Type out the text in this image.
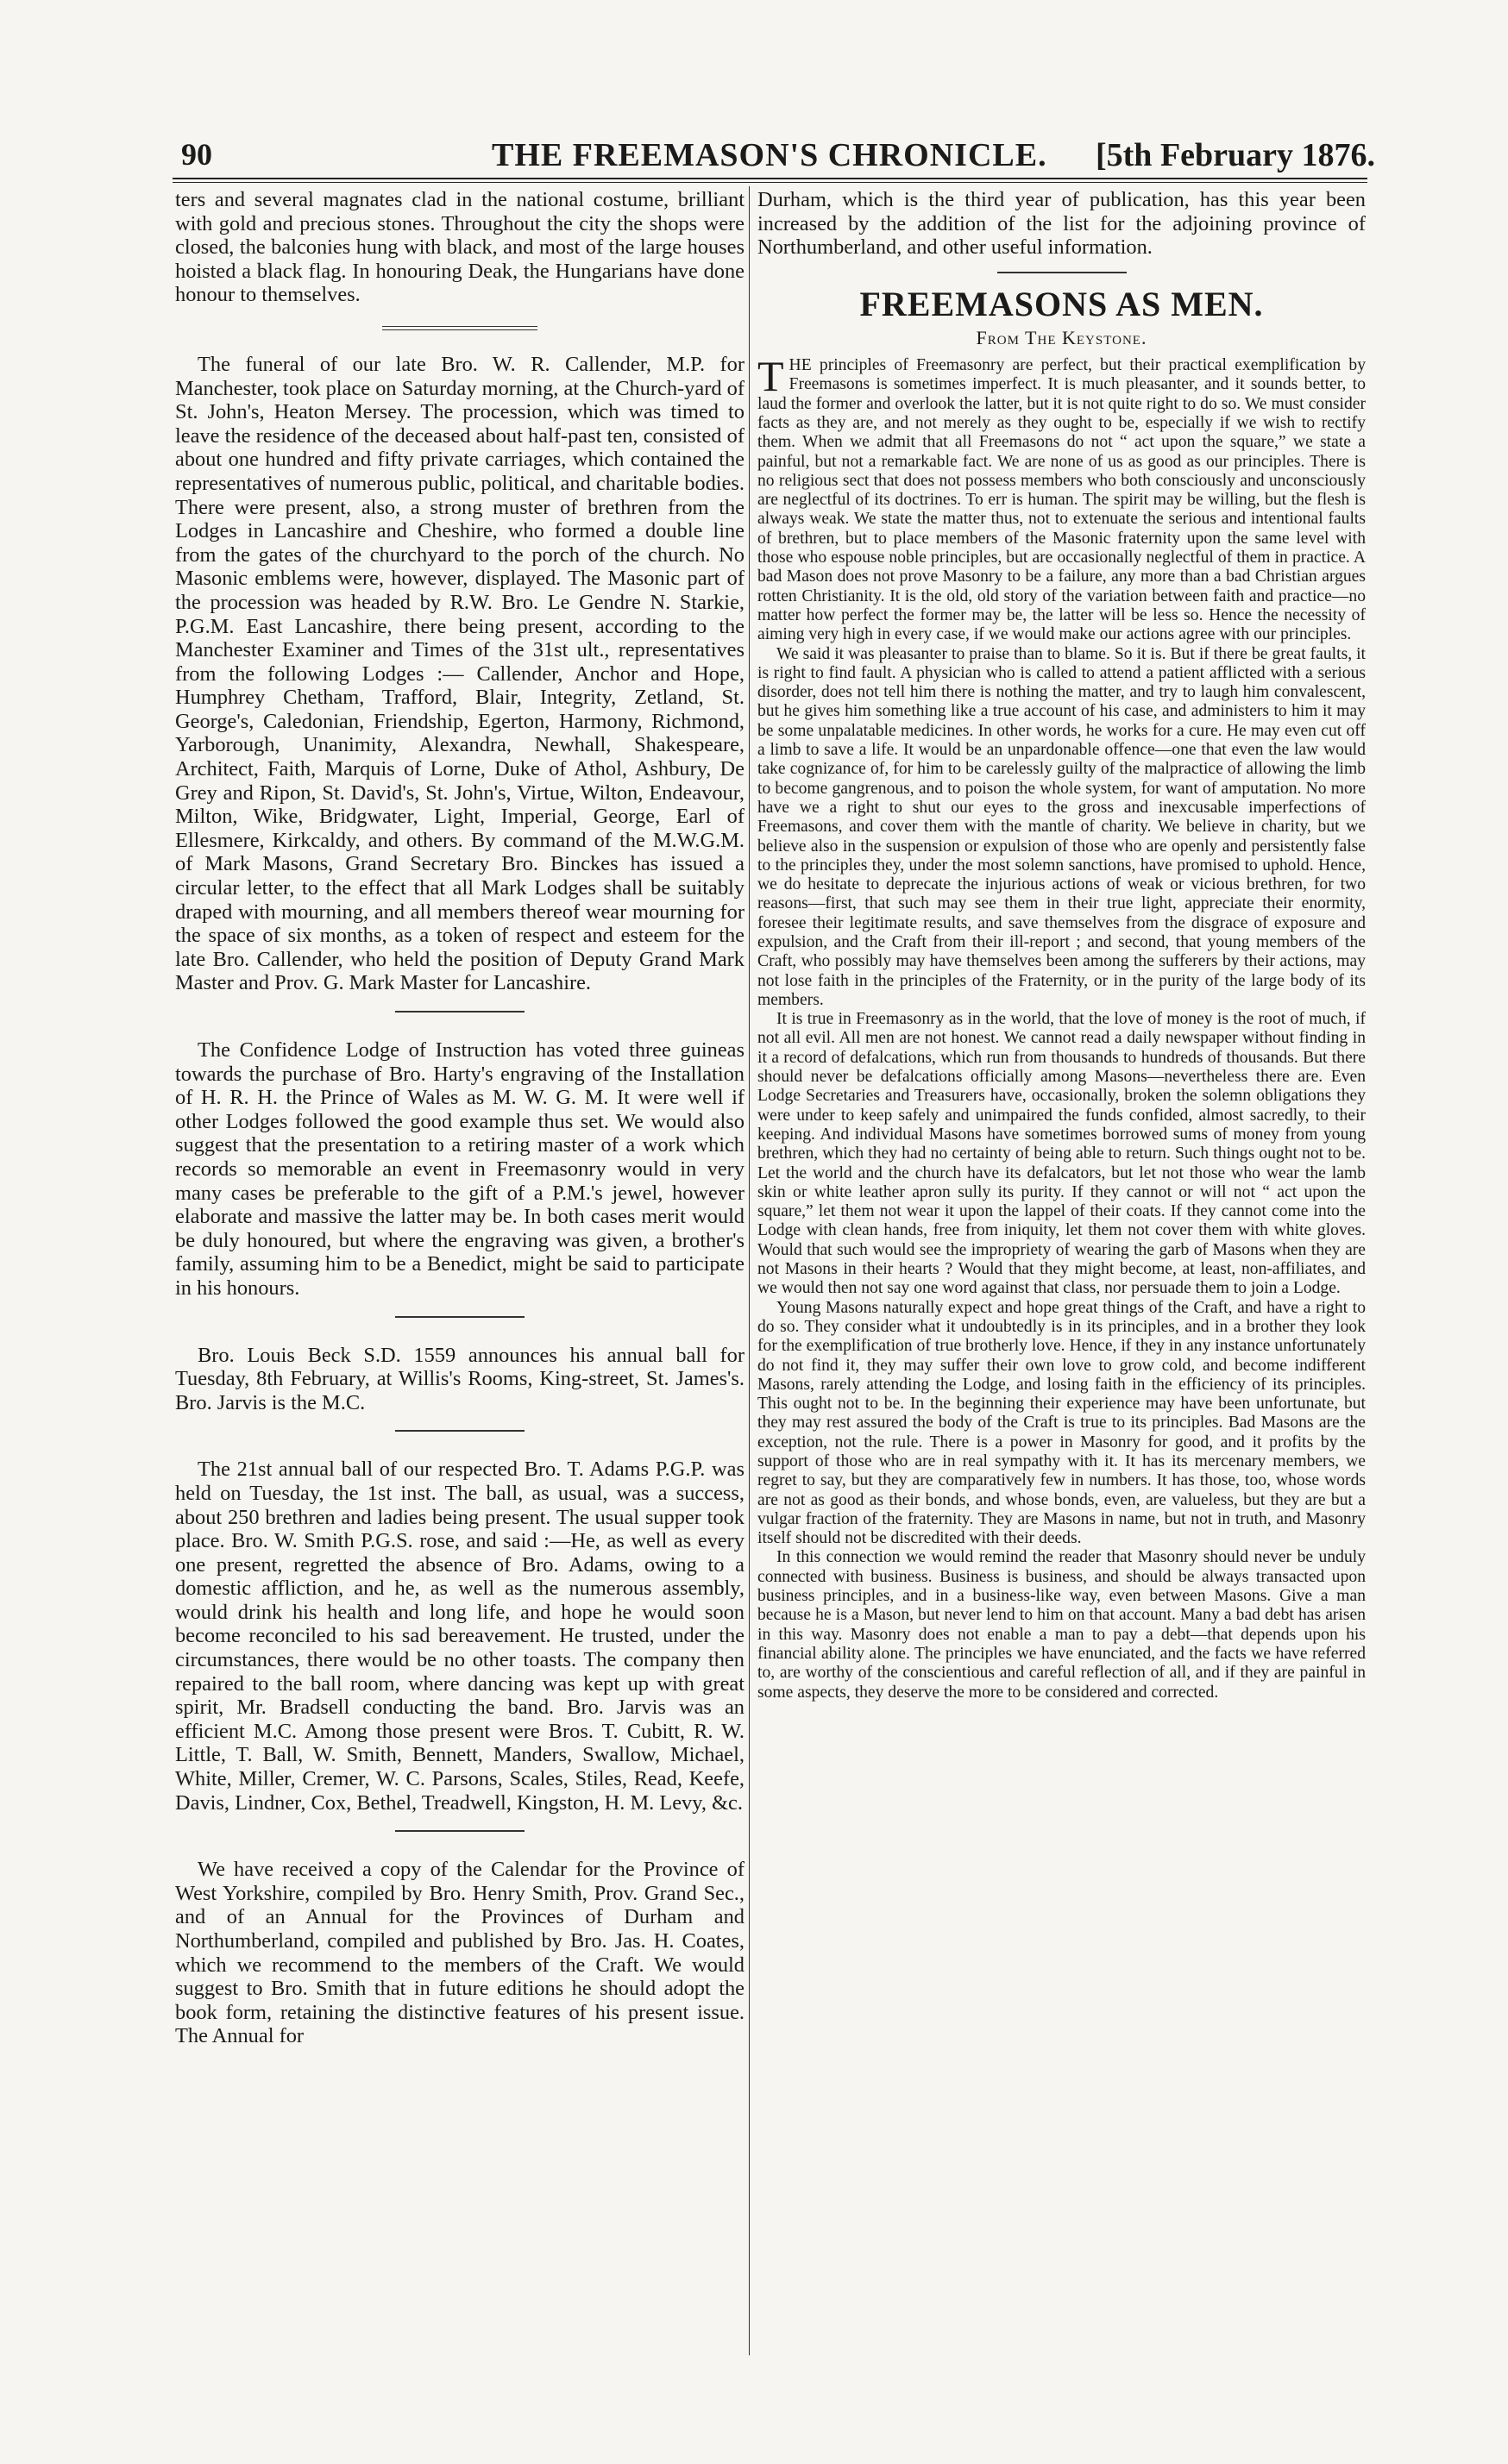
90	THE FREEMASON'S CHRONICLE. [5th February 1876.

ters and several magnates clad in the national costume, brilliant with gold and precious stones. Throughout the city the shops were closed, the balconies hung with black, and most of the large houses hoisted a black flag. In honouring Deak, the Hungarians have done honour to themselves.

The funeral of our late Bro. W. R. Callender, M.P. for Manchester, took place on Saturday morning, at the Church-yard of St. John's, Heaton Mersey. The procession, which was timed to leave the residence of the deceased about half-past ten, consisted of about one hundred and fifty private carriages, which contained the representatives of numerous public, political, and charitable bodies. There were present, also, a strong muster of brethren from the Lodges in Lancashire and Cheshire, who formed a double line from the gates of the churchyard to the porch of the church. No Masonic emblems were, however, displayed. The Masonic part of the procession was headed by R.W. Bro. Le Gendre N. Starkie, P.G.M. East Lancashire, there being present, according to the Manchester Examiner and Times of the 31st ult., representatives from the following Lodges :— Callender, Anchor and Hope, Humphrey Chetham, Trafford, Blair, Integrity, Zetland, St. George's, Caledonian, Friendship, Egerton, Harmony, Richmond, Yarborough, Unanimity, Alexandra, Newhall, Shakespeare, Architect, Faith, Marquis of Lorne, Duke of Athol, Ashbury, De Grey and Ripon, St. David's, St. John's, Virtue, Wilton, Endeavour, Milton, Wike, Bridgwater, Light, Imperial, George, Earl of Ellesmere, Kirkcaldy, and others. By command of the M.W.G.M. of Mark Masons, Grand Secretary Bro. Binckes has issued a circular letter, to the effect that all Mark Lodges shall be suitably draped with mourning, and all members thereof wear mourning for the space of six months, as a token of respect and esteem for the late Bro. Callender, who held the position of Deputy Grand Mark Master and Prov. G. Mark Master for Lancashire.

The Confidence Lodge of Instruction has voted three guineas towards the purchase of Bro. Harty's engraving of the Installation of H. R. H. the Prince of Wales as M. W. G. M. It were well if other Lodges followed the good example thus set. We would also suggest that the presentation to a retiring master of a work which records so memorable an event in Freemasonry would in very many cases be preferable to the gift of a P.M.'s jewel, however elaborate and massive the latter may be. In both cases merit would be duly honoured, but where the engraving was given, a brother's family, assuming him to be a Benedict, might be said to participate in his honours.

Bro. Louis Beck S.D. 1559 announces his annual ball for Tuesday, 8th February, at Willis's Rooms, King-street, St. James's. Bro. Jarvis is the M.C.

The 21st annual ball of our respected Bro. T. Adams P.G.P. was held on Tuesday, the 1st inst. The ball, as usual, was a success, about 250 brethren and ladies being present. The usual supper took place. Bro. W. Smith P.G.S. rose, and said :—He, as well as every one present, regretted the absence of Bro. Adams, owing to a domestic affliction, and he, as well as the numerous assembly, would drink his health and long life, and hope he would soon become reconciled to his sad bereavement. He trusted, under the circumstances, there would be no other toasts. The company then repaired to the ball room, where dancing was kept up with great spirit, Mr. Bradsell conducting the band. Bro. Jarvis was an efficient M.C. Among those present were Bros. T. Cubitt, R. W. Little, T. Ball, W. Smith, Bennett, Manders, Swallow, Michael, White, Miller, Cremer, W. C. Parsons, Scales, Stiles, Read, Keefe, Davis, Lindner, Cox, Bethel, Treadwell, Kingston, H. M. Levy, &c.

We have received a copy of the Calendar for the Province of West Yorkshire, compiled by Bro. Henry Smith, Prov. Grand Sec., and of an Annual for the Provinces of Durham and Northumberland, compiled and published by Bro. Jas. H. Coates, which we recommend to the members of the Craft. We would suggest to Bro. Smith that in future editions he should adopt the book form, retaining the distinctive features of his present issue. The Annual for

Durham, which is the third year of publication, has this year been increased by the addition of the list for the adjoining province of Northumberland, and other useful information.

FREEMASONS AS MEN.
From The Keystone.

THE principles of Freemasonry are perfect, but their practical exemplification by Freemasons is sometimes imperfect. It is much pleasanter, and it sounds better, to laud the former and overlook the latter, but it is not quite right to do so. We must consider facts as they are, and not merely as they ought to be, especially if we wish to rectify them. When we admit that all Freemasons do not “ act upon the square,” we state a painful, but not a remarkable fact. We are none of us as good as our principles. There is no religious sect that does not possess members who both consciously and unconsciously are neglectful of its doctrines. To err is human. The spirit may be willing, but the flesh is always weak. We state the matter thus, not to extenuate the serious and intentional faults of brethren, but to place members of the Masonic fraternity upon the same level with those who espouse noble principles, but are occasionally neglectful of them in practice. A bad Mason does not prove Masonry to be a failure, any more than a bad Christian argues rotten Christianity. It is the old, old story of the variation between faith and practice—no matter how perfect the former may be, the latter will be less so. Hence the necessity of aiming very high in every case, if we would make our actions agree with our principles.

We said it was pleasanter to praise than to blame. So it is. But if there be great faults, it is right to find fault. A physician who is called to attend a patient afflicted with a serious disorder, does not tell him there is nothing the matter, and try to laugh him convalescent, but he gives him something like a true account of his case, and administers to him it may be some unpalatable medicines. In other words, he works for a cure. He may even cut off a limb to save a life. It would be an unpardonable offence—one that even the law would take cognizance of, for him to be carelessly guilty of the malpractice of allowing the limb to become gangrenous, and to poison the whole system, for want of amputation. No more have we a right to shut our eyes to the gross and inexcusable imperfections of Freemasons, and cover them with the mantle of charity. We believe in charity, but we believe also in the suspension or expulsion of those who are openly and persistently false to the principles they, under the most solemn sanctions, have promised to uphold. Hence, we do hesitate to deprecate the injurious actions of weak or vicious brethren, for two reasons—first, that such may see them in their true light, appreciate their enormity, foresee their legitimate results, and save themselves from the disgrace of exposure and expulsion, and the Craft from their ill-report ; and second, that young members of the Craft, who possibly may have themselves been among the sufferers by their actions, may not lose faith in the principles of the Fraternity, or in the purity of the large body of its members.

It is true in Freemasonry as in the world, that the love of money is the root of much, if not all evil. All men are not honest. We cannot read a daily newspaper without finding in it a record of defalcations, which run from thousands to hundreds of thousands. But there should never be defalcations officially among Masons—nevertheless there are. Even Lodge Secretaries and Treasurers have, occasionally, broken the solemn obligations they were under to keep safely and unimpaired the funds confided, almost sacredly, to their keeping. And individual Masons have sometimes borrowed sums of money from young brethren, which they had no certainty of being able to return. Such things ought not to be. Let the world and the church have its defalcators, but let not those who wear the lamb skin or white leather apron sully its purity. If they cannot or will not “ act upon the square,” let them not wear it upon the lappel of their coats. If they cannot come into the Lodge with clean hands, free from iniquity, let them not cover them with white gloves. Would that such would see the impropriety of wearing the garb of Masons when they are not Masons in their hearts ? Would that they might become, at least, non-affiliates, and we would then not say one word against that class, nor persuade them to join a Lodge.

Young Masons naturally expect and hope great things of the Craft, and have a right to do so. They consider what it undoubtedly is in its principles, and in a brother they look for the exemplification of true brotherly love. Hence, if they in any instance unfortunately do not find it, they may suffer their own love to grow cold, and become indifferent Masons, rarely attending the Lodge, and losing faith in the efficiency of its principles. This ought not to be. In the beginning their experience may have been unfortunate, but they may rest assured the body of the Craft is true to its principles. Bad Masons are the exception, not the rule. There is a power in Masonry for good, and it profits by the support of those who are in real sympathy with it. It has its mercenary members, we regret to say, but they are comparatively few in numbers. It has those, too, whose words are not as good as their bonds, and whose bonds, even, are valueless, but they are but a vulgar fraction of the fraternity. They are Masons in name, but not in truth, and Masonry itself should not be discredited with their deeds.

In this connection we would remind the reader that Masonry should never be unduly connected with business. Business is business, and should be always transacted upon business principles, and in a business-like way, even between Masons. Give a man because he is a Mason, but never lend to him on that account. Many a bad debt has arisen in this way. Masonry does not enable a man to pay a debt—that depends upon his financial ability alone. The principles we have enunciated, and the facts we have referred to, are worthy of the conscientious and careful reflection of all, and if they are painful in some aspects, they deserve the more to be considered and corrected.
